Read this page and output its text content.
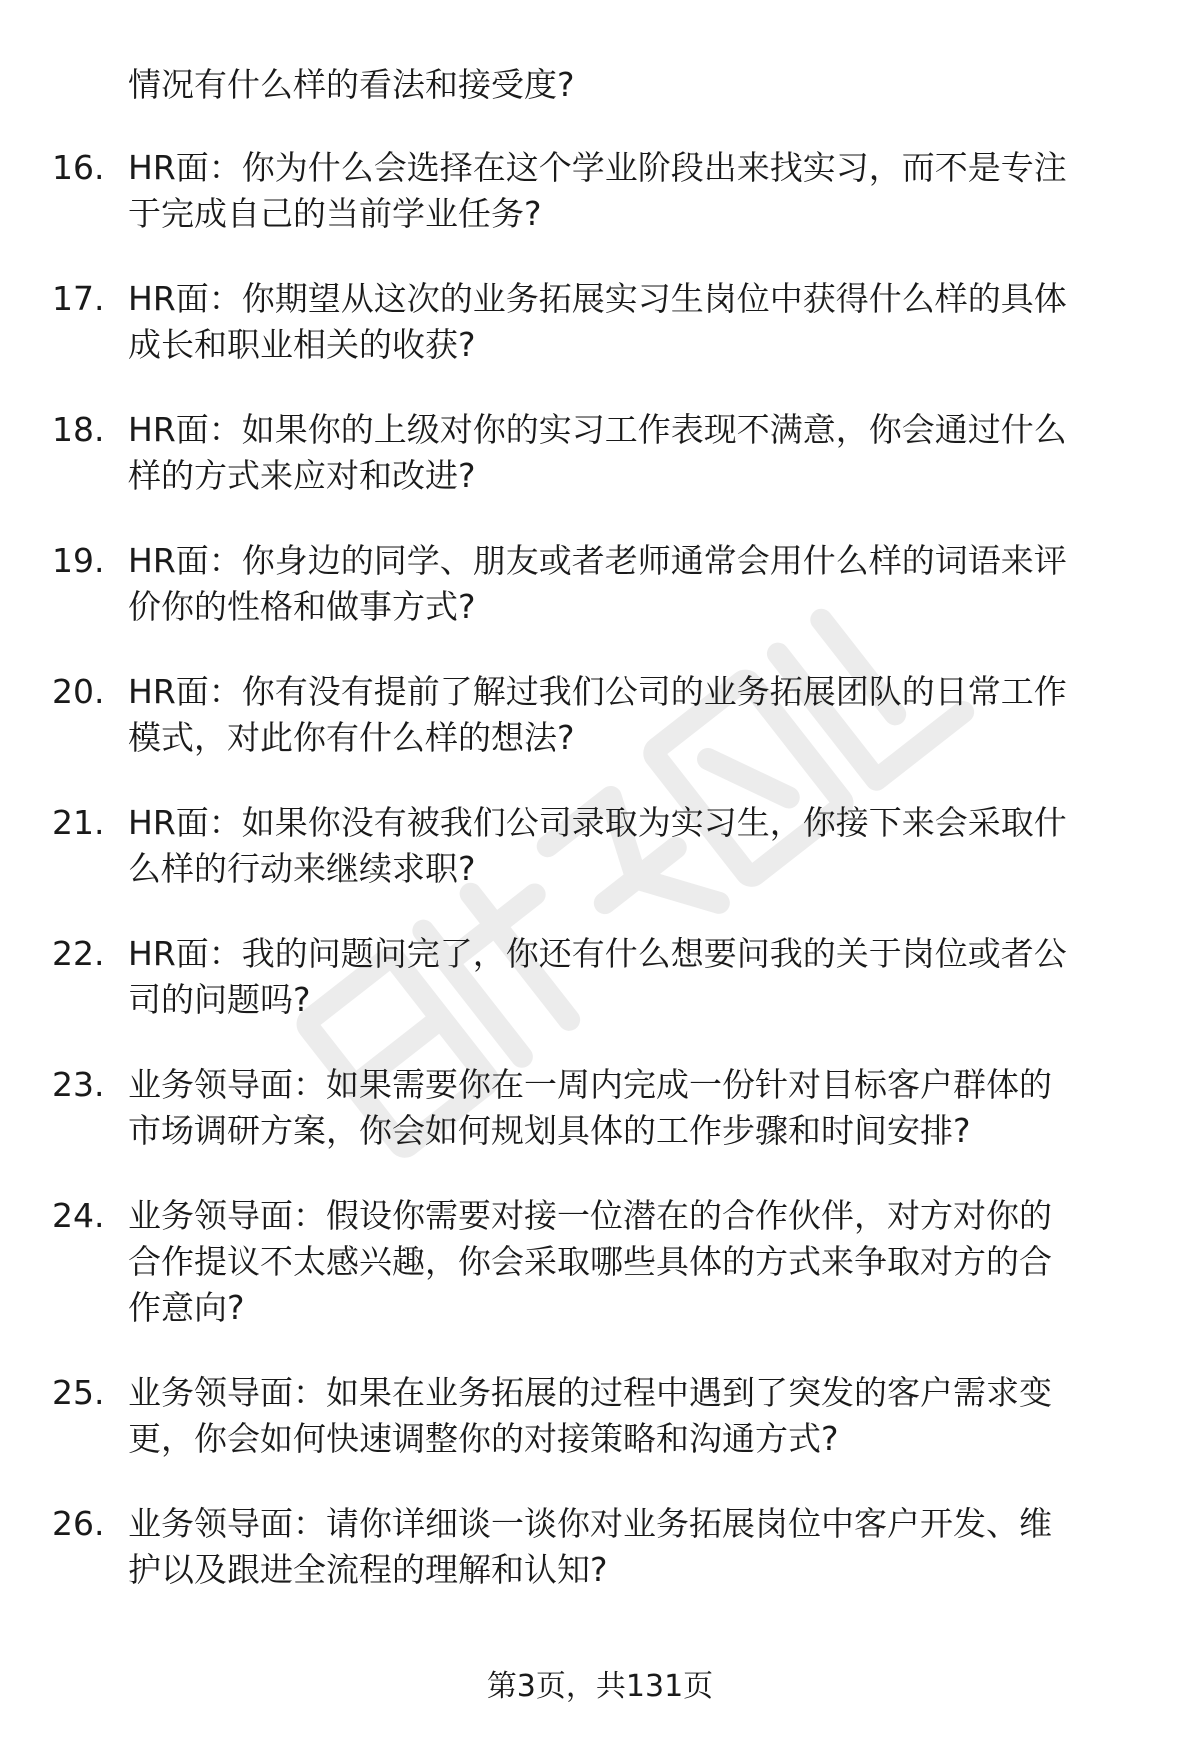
情况有什么样的看法和接受度?
16. HR面：你为什么会选择在这个学业阶段出来找实习，而不是专注
于完成自己的当前学业任务?
17. HR面：你期望从这次的业务拓展实习生岗位中获得什么样的具体
成长和职业相关的收获?
18. HR面：如果你的上级对你的实习工作表现不满意，你会通过什么
样的方式来应对和改进?
19. HR面：你身边的同学、朋友或者老师通常会用什么样的词语来评
价你的性格和做事方式?
20. HR面：你有没有提前了解过我们公司的业务拓展团队的日常工作
模式，对此你有什么样的想法?
21. HR面：如果你没有被我们公司录取为实习生，你接下来会采取什
么样的行动来继续求职?
22. HR面：我的问题问完了，你还有什么想要问我的关于岗位或者公
司的问题吗?
23. 业务领导面：如果需要你在一周内完成一份针对目标客户群体的
市场调研方案，你会如何规划具体的工作步骤和时间安排?
24. 业务领导面：假设你需要对接一位潜在的合作伙伴，对方对你的
合作提议不太感兴趣，你会采取哪些具体的方式来争取对方的合
作意向?
25. 业务领导面：如果在业务拓展的过程中遇到了突发的客户需求变
更，你会如何快速调整你的对接策略和沟通方式?
26. 业务领导面：请你详细谈一谈你对业务拓展岗位中客户开发、维
护以及跟进全流程的理解和认知?
第3页，共131页
